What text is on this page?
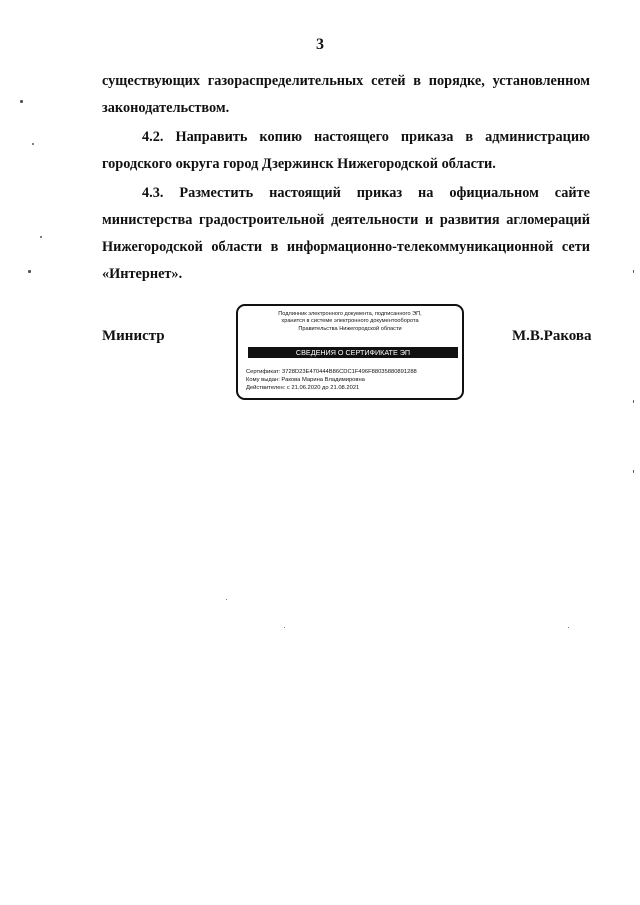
3
существующих газораспределительных сетей в порядке, установленном
законодательством.
4.2. Направить копию настоящего приказа в администрацию городского округа город Дзержинск Нижегородской области.
4.3. Разместить настоящий приказ на официальном сайте министерства градостроительной деятельности и развития агломераций Нижегородской области в информационно-телекоммуникационной сети «Интернет».
Министр	М.В.Ракова
Подлинник электронного документа, подписанного ЭП,
хранится в системе электронного документооборота
Правительства Нижегородской области
СВЕДЕНИЯ О СЕРТИФИКАТЕ ЭП
Сертификат: 3728D23E470444B86CDC1F496F88035880891288
Кому выдан: Ракова Марина Владимировна
Действителен: с 21.06.2020 до 21.08.2021
